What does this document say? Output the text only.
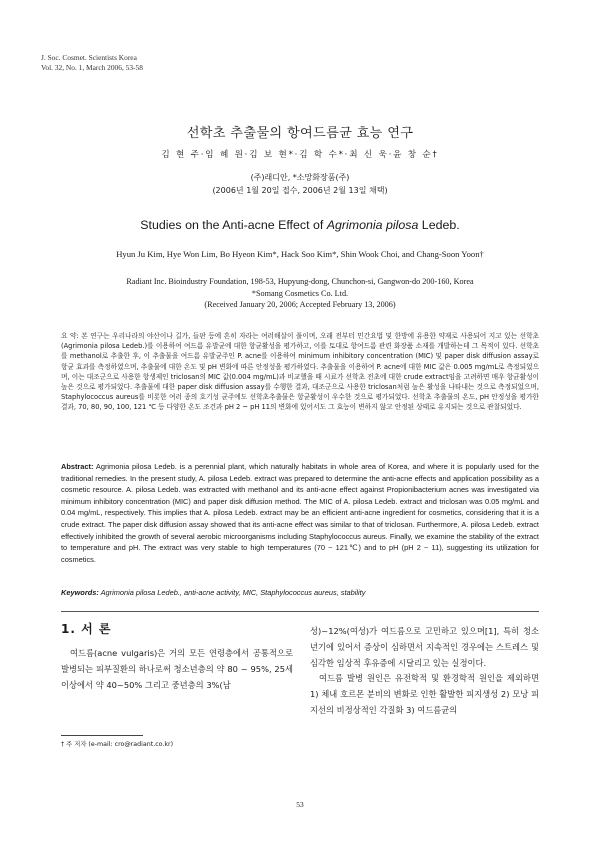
J. Soc. Cosmet. Scientists Korea
Vol. 32, No. 1, March 2006, 53-58
선학초 추출물의 항여드름균 효능 연구
김 현 주·임 혜 원·김 보 현*·김 학 수*·최 신 욱·윤 창 순†
(주)래디안, *소망화장품(주)
(2006년 1월 20일 접수, 2006년 2월 13일 채택)
Studies on the Anti-acne Effect of Agrimonia pilosa Ledeb.
Hyun Ju Kim, Hye Won Lim, Bo Hyeon Kim*, Hack Soo Kim*, Shin Wook Choi, and Chang-Soon Yoon†
Radiant Inc. Bioindustry Foundation, 198-53, Hupyung-dong, Chunchon-si, Gangwon-do 200-160, Korea
*Somang Cosmetics Co. Ltd.
(Received January 20, 2006; Accepted February 13, 2006)
요 약: 본 연구는 우리나라의 야산이나 길가, 들판 등에 흔히 자라는 여러해살이 풀이며, 오래 전부터 민간요법 및 한방에 유용한 약재로 사용되어 지고 있는 선학초(Agrimonia pilosa Ledeb.)를 이용하여 여드름 유발균에 대한 항균활성을 평가하고, 이를 토대로 항여드름 관련 화장품 소재를 개발하는데 그 목적이 있다. 선학초를 methanol로 추출한 후, 이 추출물을 여드름 유발균주인 P. acne를 이용하여 minimum inhibitory concentration (MIC) 및 paper disk diffusion assay로 항균 효과를 측정하였으며, 추출물에 대한 온도 및 pH 변화에 따른 안정성을 평가하였다. 추출물을 이용하여 P. acne에 대한 MIC 값은 0.005 mg/mL로 측정되었으며, 이는 대조군으로 사용한 항생제인 triclosan의 MIC 값(0.004 mg/mL)과 비교했을 때 시료가 선학초 전초에 대한 crude extract임을 고려하면 매우 항균활성이 높은 것으로 평가되었다. 추출물에 대한 paper disk diffusion assay를 수행한 결과, 대조군으로 사용한 triclosan처럼 높은 활성을 나타내는 것으로 측정되었으며, Staphylococcus aureus를 비롯한 여러 종의 호기성 균주에도 선학초추출물은 항균활성이 우수한 것으로 평가되었다. 선학초 추출물의 온도, pH 안정성을 평가한 결과, 70, 80, 90, 100, 121 ℃ 등 다양한 온도 조건과 pH 2 ~ pH 11의 변화에 있어서도 그 효능이 변하지 않고 안정된 상태로 유지되는 것으로 관찰되었다.
Abstract: Agrimonia pilosa Ledeb. is a perennial plant, which naturally habitats in whole area of Korea, and where it is popularly used for the traditional remedies. In the present study, A. pilosa Ledeb. extract was prepared to determine the anti-acne effects and application possibility as a cosmetic resource. A. pilosa Ledeb. was extracted with methanol and its anti-acne effect against Propionibacterium acnes was investigated via minimum inhibitory concentration (MIC) and paper disk diffusion method. The MIC of A. pilosa Ledeb. extract and triclosan was 0.05 mg/mL and 0.04 mg/mL, respectively. This implies that A. pilosa Ledeb. extract may be an efficient anti-acne ingredient for cosmetics, considering that it is a crude extract. The paper disk diffusion assay showed that its anti-acne effect was similar to that of triclosan. Furthermore, A. pilosa Ledeb. extract effectively inhibited the growth of several aerobic microorganisms including Staphylococcus aureus. Finally, we examine the stability of the extract to temperature and pH. The extract was very stable to high temperatures (70 ~ 121℃) and to pH (pH 2 ~ 11), suggesting its utilization for cosmetics.
Keywords: Agrimonia pilosa Ledeb., anti-acne activity, MIC, Staphylococcus aureus, stability
1. 서 론

여드름(acne vulgaris)은 거의 모든 연령층에서 공통적으로 발병되는 피부질환의 하나로써 청소년층의 약 80 ~ 95%, 25세 이상에서 약 40~50% 그리고 중년층의 3%(남

성)~12%(여성)가 여드름으로 고민하고 있으며[1], 특히 청소년기에 있어서 증상이 심하면서 지속적인 경우에는 스트레스 및 심각한 임상적 후유증에 시달리고 있는 실정이다.

여드름 발병 원인은 유전학적 및 환경학적 원인을 제외하면 1) 체내 호르몬 분비의 변화로 인한 활발한 피지생성 2) 모낭 피지선의 비정상적인 각질화 3) 여드름균의

† 주 저자 (e-mail: cro@radiant.co.kr)
53
